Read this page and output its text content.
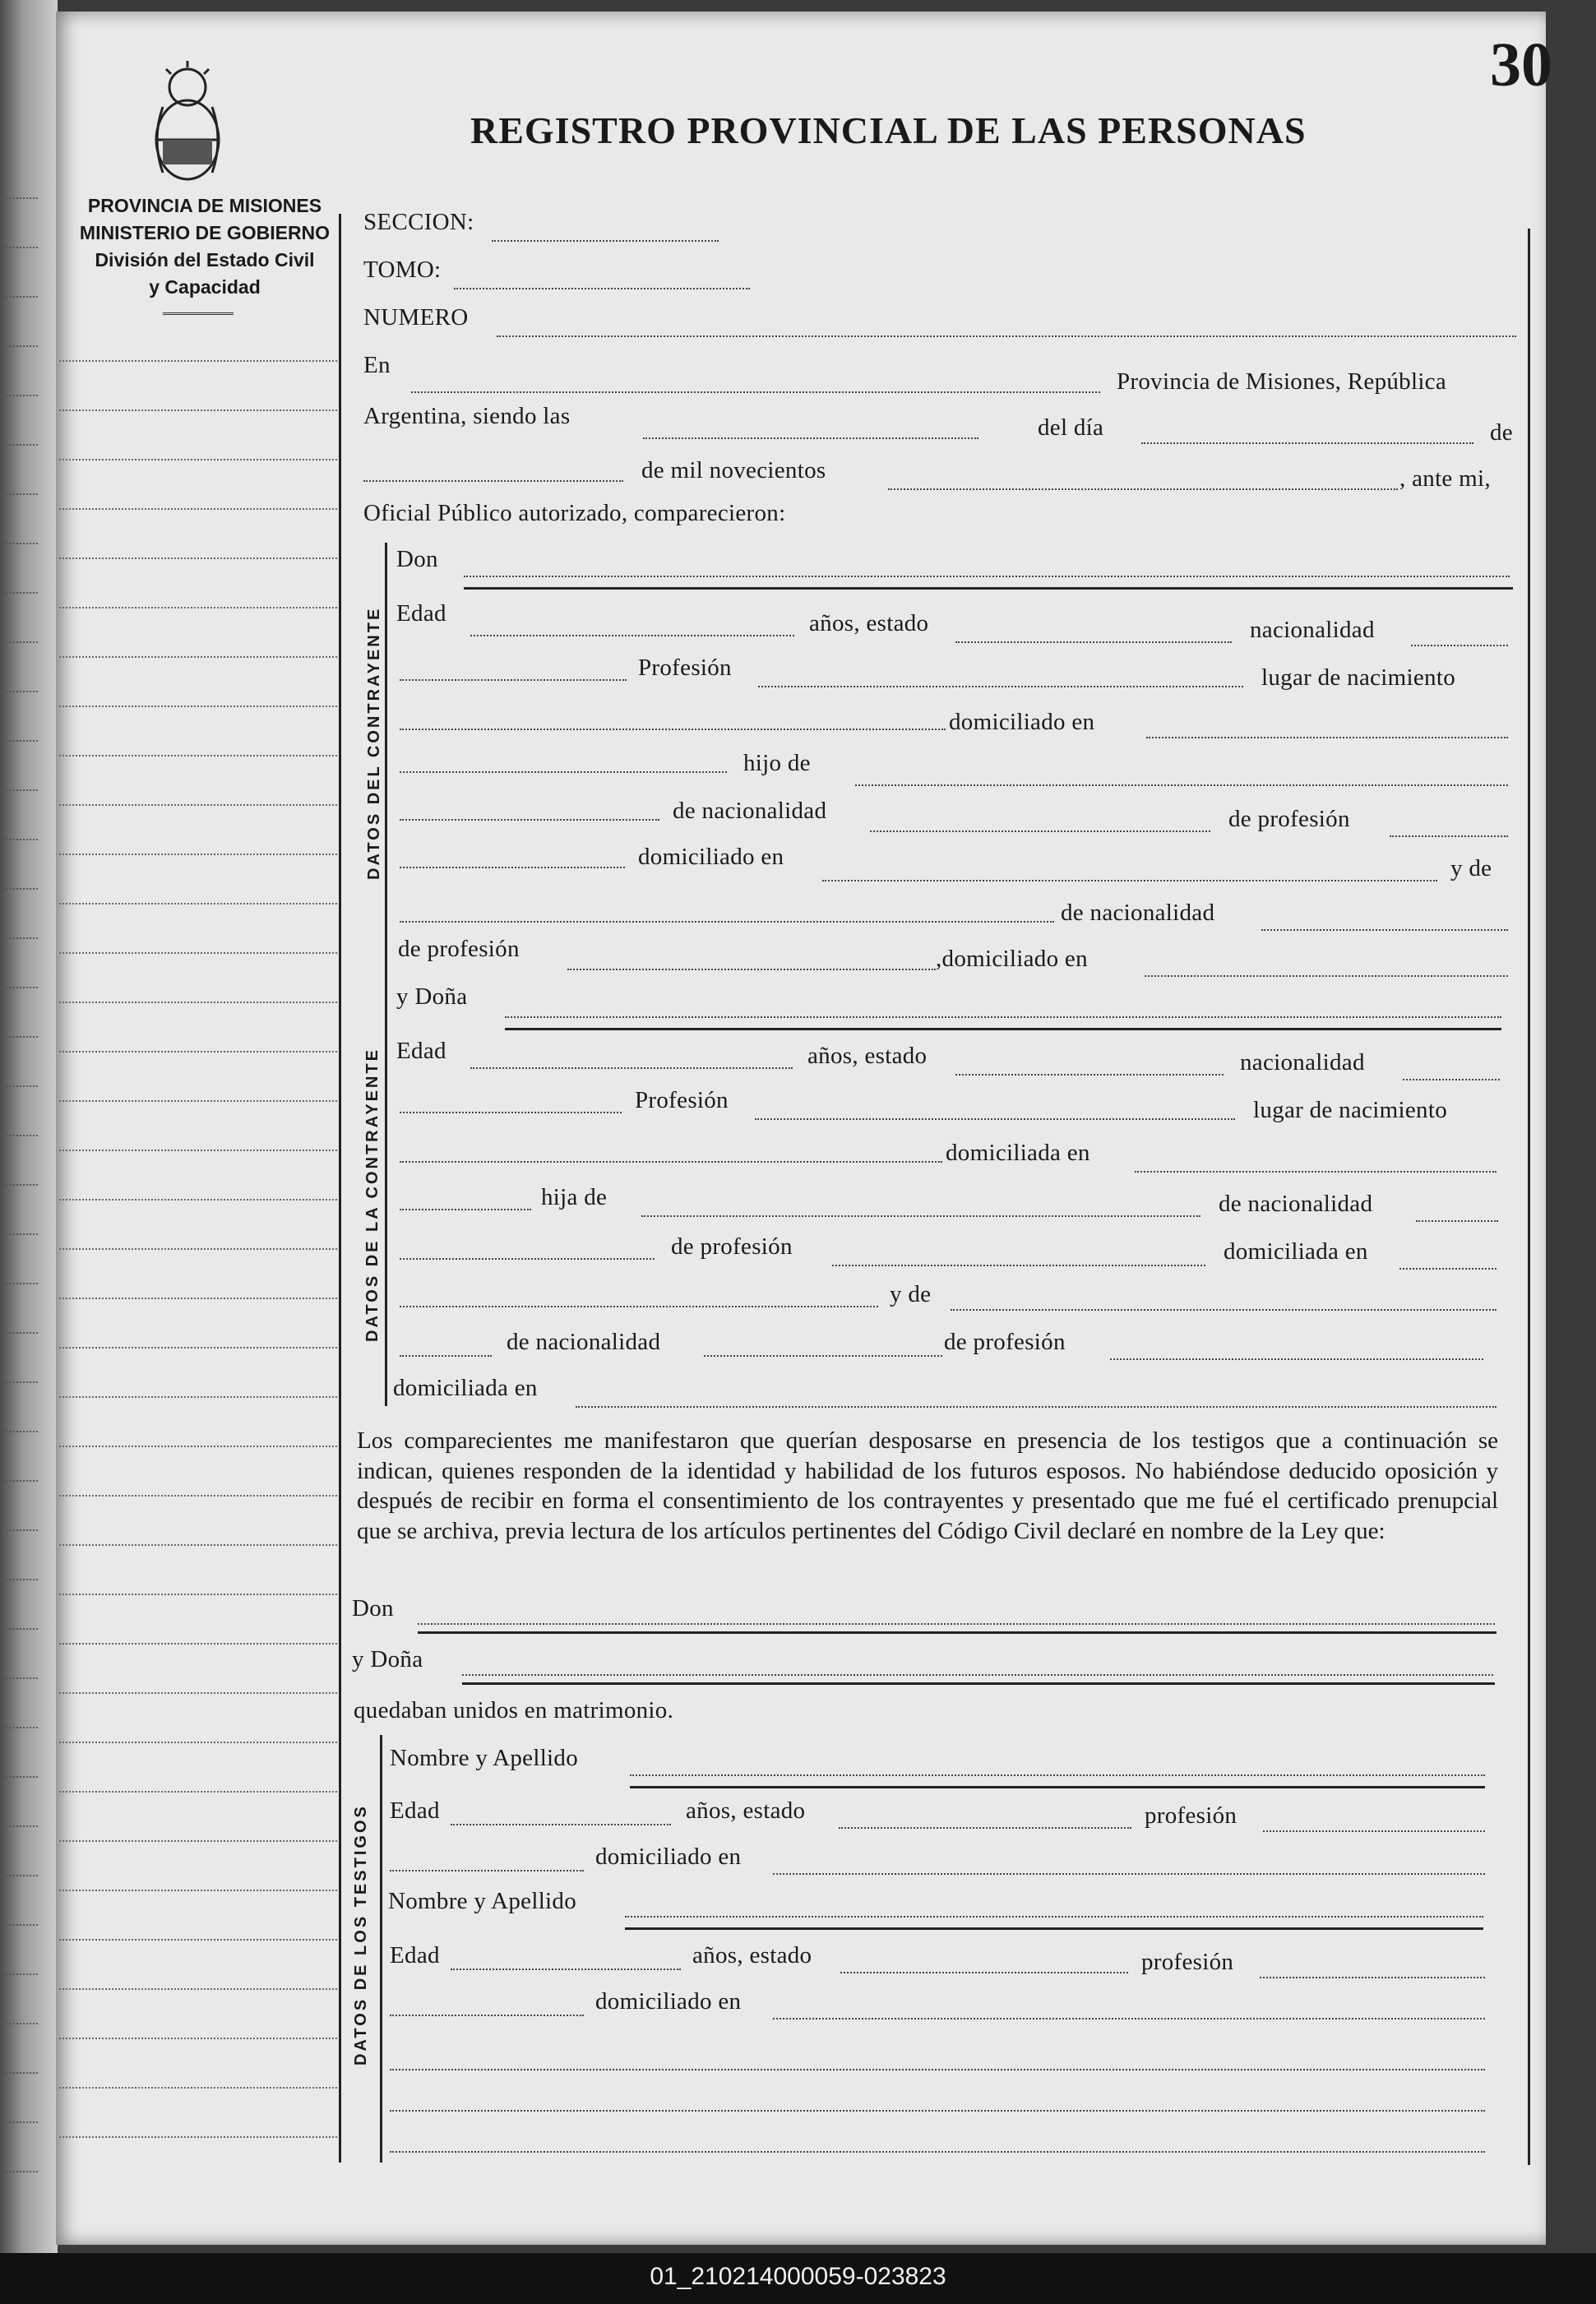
30
REGISTRO PROVINCIAL DE LAS PERSONAS
PROVINCIA DE MISIONES
MINISTERIO DE GOBIERNO
División del Estado Civil
y Capacidad
DATOS DEL CONTRAYENTE
DATOS DE LA CONTRAYENTE
DATOS DE LOS TESTIGOS
SECCION:
TOMO:
NUMERO
En
Provincia de Misiones, República
Argentina, siendo las	del día	de
de mil novecientos	, ante mi,
Oficial Público autorizado, comparecieron:
Don
Edad	años, estado	nacionalidad
Profesión	lugar de nacimiento
domiciliado en
hijo de
de nacionalidad	de profesión
domiciliado en	y de
de nacionalidad
de profesión	,domiciliado en
y Doña
Edad	años, estado	nacionalidad
Profesión	lugar de nacimiento
domiciliada en
hija de	de nacionalidad
de profesión	domiciliada en
y de
de nacionalidad	de profesión
domiciliada en
Los comparecientes me manifestaron que querían desposarse en presencia de los testigos que a continuación se indican, quienes responden de la identidad y habilidad de los futuros esposos. No habiéndose deducido oposición y después de recibir en forma el consentimiento de los contrayentes y presentado que me fué el certificado prenupcial que se archiva, previa lectura de los artículos pertinentes del Código Civil declaré en nombre de la Ley que:
Don
y Doña
quedaban unidos en matrimonio.
Nombre y Apellido
Edad	años, estado	profesión
domiciliado en
Nombre y Apellido
Edad	años, estado	profesión
domiciliado en
01_210214000059-023823
